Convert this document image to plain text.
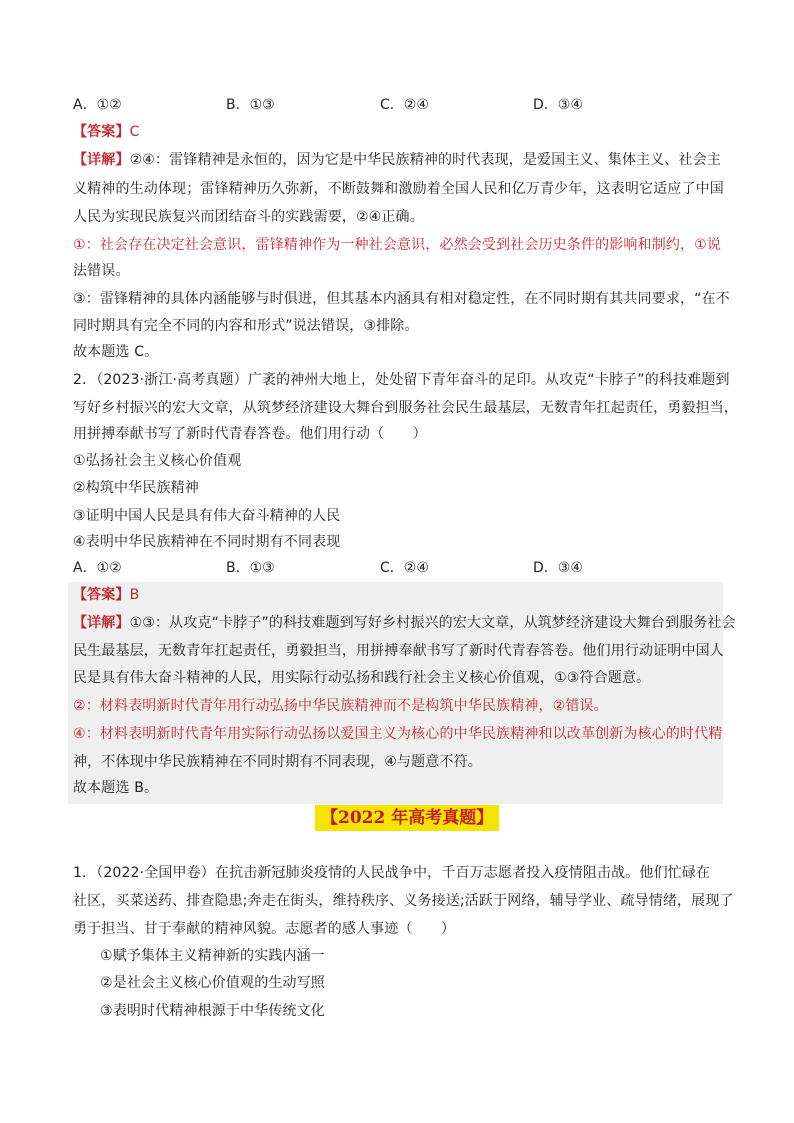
A．①②	B．①③	C．②④	D．③④
【答案】C
【详解】②④：雷锋精神是永恒的，因为它是中华民族精神的时代表现，是爱国主义、集体主义、社会主
义精神的生动体现；雷锋精神历久弥新，不断鼓舞和激励着全国人民和亿万青少年，这表明它适应了中国
人民为实现民族复兴而团结奋斗的实践需要，②④正确。
①：社会存在决定社会意识，雷锋精神作为一种社会意识，必然会受到社会历史条件的影响和制约，①说
法错误。
③：雷锋精神的具体内涵能够与时俱进，但其基本内涵具有相对稳定性，在不同时期有其共同要求，“在不
同时期具有完全不同的内容和形式”说法错误，③排除。
故本题选 C。
2．（2023·浙江·高考真题）广袤的神州大地上，处处留下青年奋斗的足印。从攻克“卡脖子”的科技难题到
写好乡村振兴的宏大文章，从筑梦经济建设大舞台到服务社会民生最基层，无数青年扛起责任，勇毅担当，
用拼搏奉献书写了新时代青春答卷。他们用行动（　　）
①弘扬社会主义核心价值观
②构筑中华民族精神
③证明中国人民是具有伟大奋斗精神的人民
④表明中华民族精神在不同时期有不同表现
A．①②	B．①③	C．②④	D．③④
【答案】B
【详解】①③：从攻克“卡脖子”的科技难题到写好乡村振兴的宏大文章，从筑梦经济建设大舞台到服务社会
民生最基层，无数青年扛起责任，勇毅担当，用拼搏奉献书写了新时代青春答卷。他们用行动证明中国人
民是具有伟大奋斗精神的人民，用实际行动弘扬和践行社会主义核心价值观，①③符合题意。
②：材料表明新时代青年用行动弘扬中华民族精神而不是构筑中华民族精神，②错误。
④：材料表明新时代青年用实际行动弘扬以爱国主义为核心的中华民族精神和以改革创新为核心的时代精
神，不体现中华民族精神在不同时期有不同表现，④与题意不符。
故本题选 B。
【2022 年高考真题】
1．（2022·全国甲卷）在抗击新冠肺炎疫情的人民战争中，千百万志愿者投入疫情阻击战。他们忙碌在
社区，买菜送药、排查隐患;奔走在街头，维持秩序、义务接送;活跃于网络，辅导学业、疏导情绪，展现了
勇于担当、甘于奉献的精神风貌。志愿者的感人事迹（　　）
①赋予集体主义精神新的实践内涵一
②是社会主义核心价值观的生动写照
③表明时代精神根源于中华传统文化
